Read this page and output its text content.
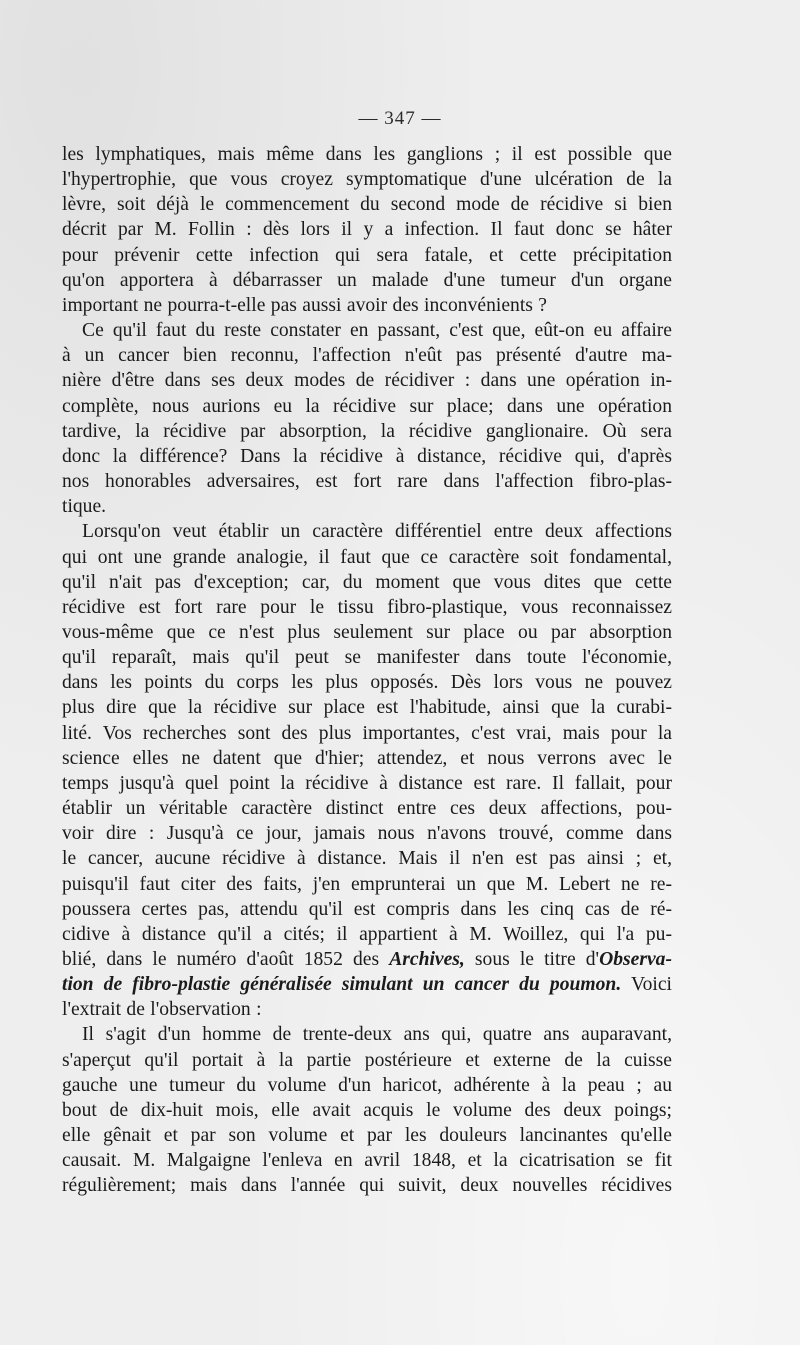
— 347 —

les lymphatiques, mais même dans les ganglions ; il est possible que
l'hypertrophie, que vous croyez symptomatique d'une ulcération de la
lèvre, soit déjà le commencement du second mode de récidive si bien
décrit par M. Follin : dès lors il y a infection. Il faut donc se hâter
pour prévenir cette infection qui sera fatale, et cette précipitation
qu'on apportera à débarrasser un malade d'une tumeur d'un organe
important ne pourra-t-elle pas aussi avoir des inconvénients ?

Ce qu'il faut du reste constater en passant, c'est que, eût-on eu affaire
à un cancer bien reconnu, l'affection n'eût pas présenté d'autre ma-
nière d'être dans ses deux modes de récidiver : dans une opération in-
complète, nous aurions eu la récidive sur place; dans une opération
tardive, la récidive par absorption, la récidive ganglionaire. Où sera
donc la différence? Dans la récidive à distance, récidive qui, d'après
nos honorables adversaires, est fort rare dans l'affection fibro-plas-
tique.

Lorsqu'on veut établir un caractère différentiel entre deux affections
qui ont une grande analogie, il faut que ce caractère soit fondamental,
qu'il n'ait pas d'exception; car, du moment que vous dites que cette
récidive est fort rare pour le tissu fibro-plastique, vous reconnaissez
vous-même que ce n'est plus seulement sur place ou par absorption
qu'il reparaît, mais qu'il peut se manifester dans toute l'économie,
dans les points du corps les plus opposés. Dès lors vous ne pouvez
plus dire que la récidive sur place est l'habitude, ainsi que la curabi-
lité. Vos recherches sont des plus importantes, c'est vrai, mais pour la
science elles ne datent que d'hier; attendez, et nous verrons avec le
temps jusqu'à quel point la récidive à distance est rare. Il fallait, pour
établir un véritable caractère distinct entre ces deux affections, pou-
voir dire : Jusqu'à ce jour, jamais nous n'avons trouvé, comme dans
le cancer, aucune récidive à distance. Mais il n'en est pas ainsi ; et,
puisqu'il faut citer des faits, j'en emprunterai un que M. Lebert ne re-
poussera certes pas, attendu qu'il est compris dans les cinq cas de ré-
cidive à distance qu'il a cités; il appartient à M. Woillez, qui l'a pu-
blié, dans le numéro d'août 1852 des Archives, sous le titre d'Observa-
tion de fibro-plastie généralisée simulant un cancer du poumon. Voici
l'extrait de l'observation :

Il s'agit d'un homme de trente-deux ans qui, quatre ans auparavant,
s'aperçut qu'il portait à la partie postérieure et externe de la cuisse
gauche une tumeur du volume d'un haricot, adhérente à la peau ; au
bout de dix-huit mois, elle avait acquis le volume des deux poings;
elle gênait et par son volume et par les douleurs lancinantes qu'elle
causait. M. Malgaigne l'enleva en avril 1848, et la cicatrisation se fit
régulièrement; mais dans l'année qui suivit, deux nouvelles récidives
